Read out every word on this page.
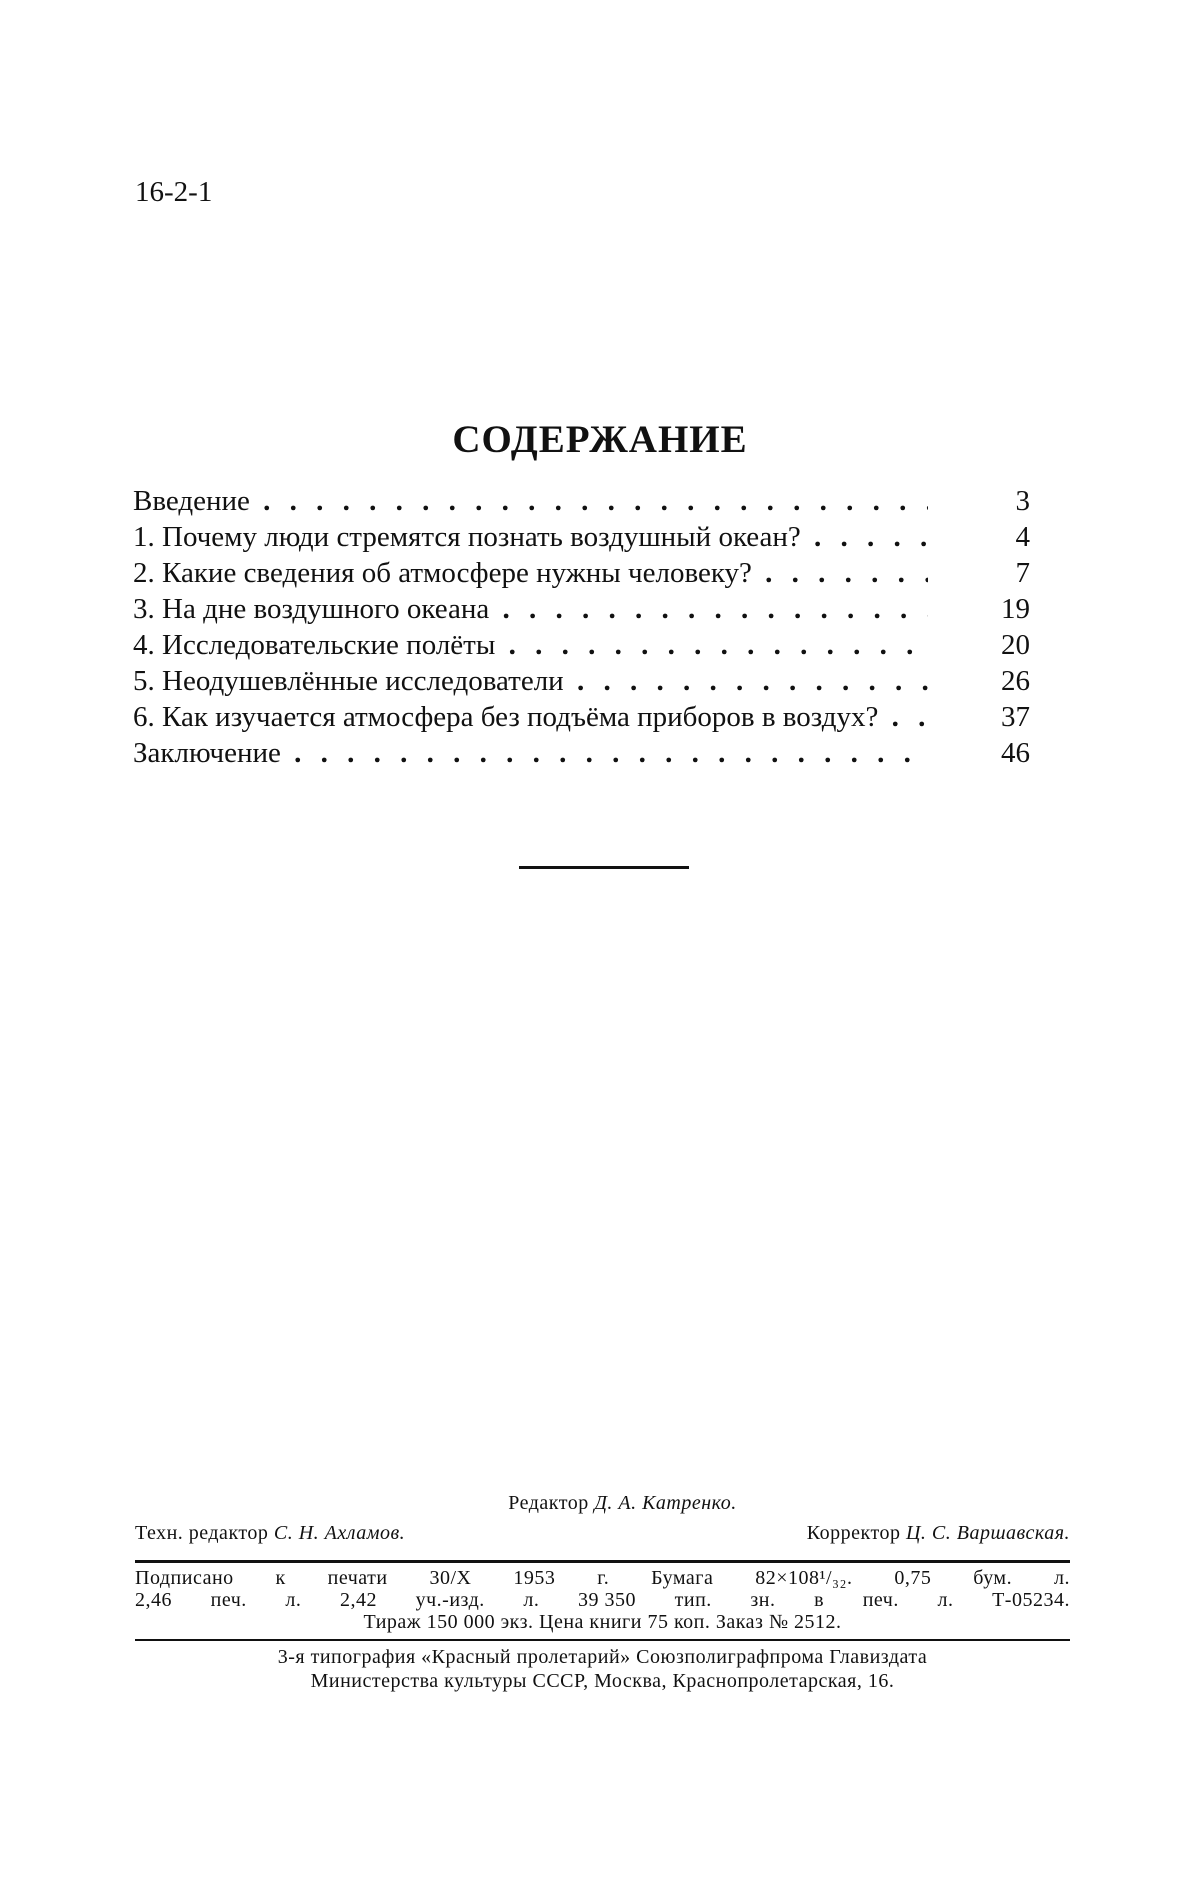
16-2-1
СОДЕРЖАНИЕ
Введение . . .	3
1. Почему люди стремятся познать воздушный океан? . . .	4
2. Какие сведения об атмосфере нужны человеку? . . .	7
3. На дне воздушного океана . . .	19
4. Исследовательские полёты . . .	20
5. Неодушевлённые исследователи . . .	26
6. Как изучается атмосфера без подъёма приборов в воздух? . . .	37
Заключение . . .	46
Редактор Д. А. Катренко.
Техн. редактор С. Н. Ахламов.	Корректор Ц. С. Варшавская.
Подписано к печати 30/X 1953 г. Бумага 82×108¹/₃₂. 0,75 бум. л.
2,46 печ. л. 2,42 уч.-изд. л. 39 350 тип. зн. в печ. л. Т-05234.
Тираж 150 000 экз. Цена книги 75 коп. Заказ № 2512.
3-я типография «Красный пролетарий» Союзполиграфпрома Главиздата
Министерства культуры СССР, Москва, Краснопролетарская, 16.
